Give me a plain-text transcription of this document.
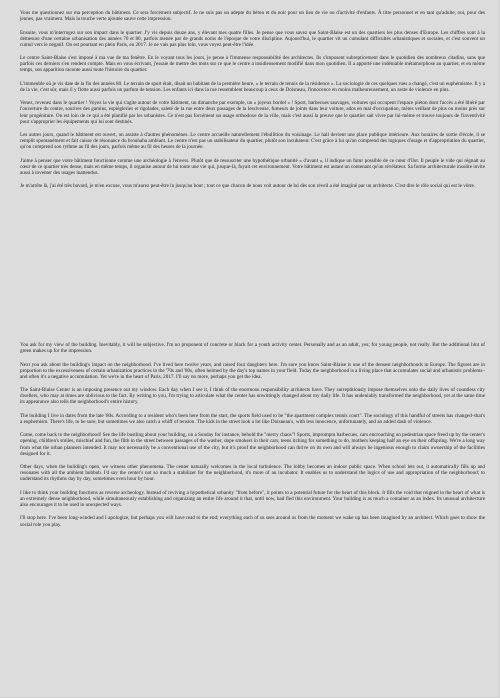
Vous me questionnez sur ma perception du bâtiment. Ce sera forcément subjectif. Je ne suis pas un adepte du béton et du noir pour un lieu de vie ou d'activité d'enfants. À titre personnel et en tant qu'adulte, oui, pour des jeunes, pas vraiment. Mais la touche verte ajoutée sauve cette impression.

Ensuite, vous m'interrogez sur son impact dans le quartier. J'y vis depuis douze ans, y élevant mes quatre filles. Je pense que vous savez que Saint-Blaise est un des quartiers les plus denses d'Europe. Les chiffres sont à la démesure d'une certaine urbanisation des années 70 et 80, parfois menée par de grands noms de l'époque de votre discipline. Aujourd'hui, le quartier vit un cumulant difficultés urbanistiques et sociales, et c'est souvent un cumul vers le négatif. On est pourtant en plein Paris, en 2017. Je ne vais pas plus loin, vous voyez peut-être l'idée.

Le centre Saint-Blaise s'est imposé à ma vue de ma fenêtre. En le voyant tous les jours, je pense à l'immense responsabilité des architectes. Ils s'imposent subrepticement dans le quotidien des nombreux citadins, sans que parfois ces derniers s'en rendent compte. Mais en vous écrivant, j'essaie de mettre des mots sur ce que le centre a insidieusement modifié dans mon quotidien. Il a apporté une indéniable métamorphose au quartier, et en même temps, son apparition raconte aussi toute l'histoire du quartier.

L'immeuble où je vis date de la fin des années 80. Le terrain de sport était, disait un habitant de la première heure, « le terrain de tennis de la résidence ». La sociologie de ces quelques rues a changé, c'est un euphémisme. Il y a de la vie, c'est sûr, mais il y flotte aussi parfois un parfum de tension. Les enfants ici dans la rue ressemblent beaucoup à ceux de Doisneau, l'innocence en moins malheureusement, un zeste de violence en plus.

Venez, revenez dans le quartier ! Voyez la vie qui s'agite autour de votre bâtiment, un dimanche par exemple, un « joyeux bordel » ! Sport, barbecues sauvages, voitures qui occupent l'espace piéton dont l'accès a été libéré par l'ouverture du centre, sourires des gamins, espiègleries et rigolades, saleté de la rue entre deux passages de la lessiveuse, fumeurs de joints dans leur voiture, ados en mal d'occupation, mères veillant de plus ou moins près sur leur progéniture. On est loin de ce qui a été planifié par les urbanistes. Ce n'est pas forcément un usage orthodoxe de la ville, mais c'est aussi la preuve que le quartier sait vivre par lui-même et trouve toujours de l'inventivité pour s'approprier les équipements qui lui sont destinés.

Les autres jours, quand le bâtiment est ouvert, on assiste à d'autres phénomènes. Le centre accueille naturellement l'ébullition du voisinage. Le hall devient une place publique intérieure. Aux horaires de sortie d'école, il se remplit spontanément et fait caisse de résonance du brouhaha ambiant. Le centre n'est pas un stabilisateur du quartier, plutôt son incubateur. C'est grâce à lui qu'on comprend des logiques d'usage et d'appropriation du quartier, qu'on comprend son rythme au fil des jours, parfois même au fil des heures de la journée.

J'aime à penser que votre bâtiment fonctionne comme une archéologie à l'envers. Plutôt que de ressusciter une hypothétique urbanité « d'avant », il indique un futur possible de ce cœur d'îlot. Il peuple le vide qui régnait au cœur de ce quartier très dense, mais en même temps, il organise autour de lui toute une vie qui, jusque-là, fuyait cet environnement. Votre bâtiment est autant un contenant qu'un révélateur. Sa forme architecturale insolite invite aussi à inventer des usages inattendus.

Je m'arrête là, j'ai été très bavard, je m'en excuse, vous m'aurez peut-être lu jusqu'au bout ; tout ce que chacun de nous voit autour de lui dès son réveil a été imaginé par un architecte. C'est dire le rôle social qui est le vôtre.

You ask for my view of the building. Inevitably, it will be subjective. I'm no proponent of concrete or black for a youth activity center. Personally and as an adult, yes; for young people, not really. But the additional hint of green makes up for the impression.

Next you ask about the building's impact on the neighborhood. I've lived here twelve years, and raised four daughters here. I'm sure you know Saint-Blaise is one of the densest neighborhoods in Europe. The figures are in proportion to the excessiveness of certain urbanization practices in the '70s and '80s, often helmed by the day's top names in your field. Today the neighborhood is a living place that accumulates social and urbanistic problems–and often it's a negative accumulation. Yet we're in the heart of Paris, 2017. I'll say no more, perhaps you get the idea.

The Saint-Blaise Center is an imposing presence out my window. Each day when I see it, I think of the enormous responsibility architects have. They surreptitiously impose themselves onto the daily lives of countless city dwellers, who may at times are oblivious to the fact. By writing to you, I'm trying to articulate what the center has unwittingly changed about my daily life. It has undeniably transformed the neighborhood, yet at the same time its appearance also tells the neighborhood's entire history.

The building I live in dates from the late '80s. According to a resident who's been here from the start, the sports field used to be "the apartment complex tennis court". The sociology of this handful of streets has changed–that's a euphemism. There's life, to be sure, but sometimes we also catch a whiff of tension. The kids in the street look a lot like Doisneau's, with less innocence, unfortunately, and an added dash of violence.

Come, come back to the neighborhood! See the life bustling about your building, on a Sunday for instance, behold the "merry chaos"! Sports, impromptu barbecues, cars encroaching on pedestrian space freed up by the center's opening, children's smiles, mischief and fun, the filth in the street between passages of the washer, dope smokers in their cars, teens itching for something to do, mothers keeping half an eye on their offspring. We're a long way from what the urban planners intended. It may not necessarily be a conventional use of the city, but it's proof the neighborhood can thrive on its own and will always be ingenious enough to claim ownership of the facilities designed for it.

Other days, when the building's open, we witness other phenomena. The center naturally welcomes in the local turbulence. The lobby becomes an indoor public space. When school lets out, it automatically fills up and resonates with all the ambient hubbub. I'd say the center's not so much a stabilizer for the neighborhood, it's more of an incubator. It enables us to understand the logics of use and appropriation of the neighborhood; to understand its rhythms day by day, sometimes even hour by hour.

I like to think your building functions as reverse archeology. Instead of reviving a hypothetical urbanity "from before", it points to a potential future for the heart of this block. It fills the void that reigned in the heart of what is an extremely dense neighborhood, while simultaneously establishing and organizing an entire life around it that, until now, had fled this environment. Your building is as much a container as an index. Its unusual architecture also encourages it to be used in unexpected ways.

I'll stop here. I've been long-winded and I apologize, but perhaps you will have read to the end; everything each of us sees around us from the moment we wake up has been imagined by an architect. Which goes to show the social role you play.
